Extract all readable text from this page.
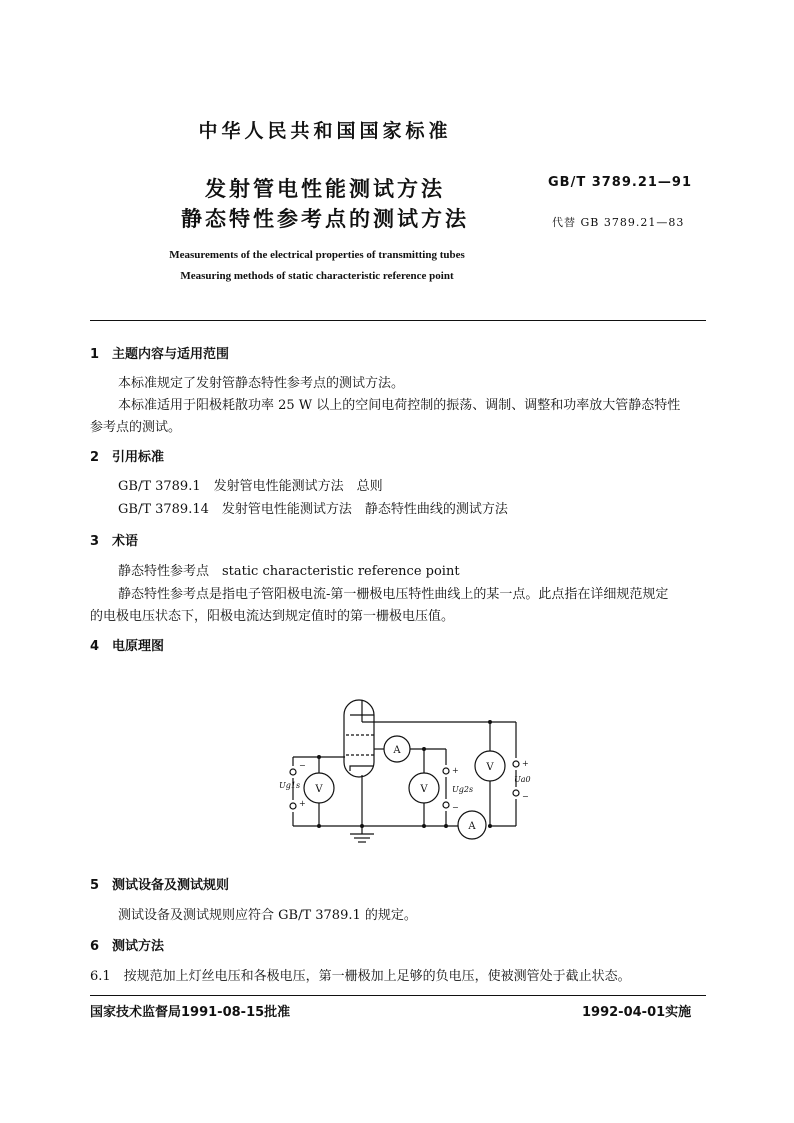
中华人民共和国国家标准
发射管电性能测试方法
静态特性参考点的测试方法
GB/T 3789.21—91
代替 GB 3789.21—83
Measurements of the electrical properties of transmitting tubes
Measuring methods of static characteristic reference point
1　主题内容与适用范围
本标准规定了发射管静态特性参考点的测试方法。
本标准适用于阳极耗散功率 25 W 以上的空间电荷控制的振荡、调制、调整和功率放大管静态特性
参考点的测试。
2　引用标准
GB/T 3789.1　发射管电性能测试方法　总则
GB/T 3789.14　发射管电性能测试方法　静态特性曲线的测试方法
3　术语
静态特性参考点　static characteristic reference point
静态特性参考点是指电子管阳极电流-第一栅极电压特性曲线上的某一点。此点指在详细规范规定
的电极电压状态下，阳极电流达到规定值时的第一栅极电压值。
4　电原理图
V
A
V
V
A
−
+
+
−
+
−
Ug1s	Ug2s
Ua0
5　测试设备及测试规则
测试设备及测试规则应符合 GB/T 3789.1 的规定。
6　测试方法
6.1　按规范加上灯丝电压和各极电压，第一栅极加上足够的负电压，使被测管处于截止状态。
国家技术监督局1991-08-15批准	1992-04-01实施
